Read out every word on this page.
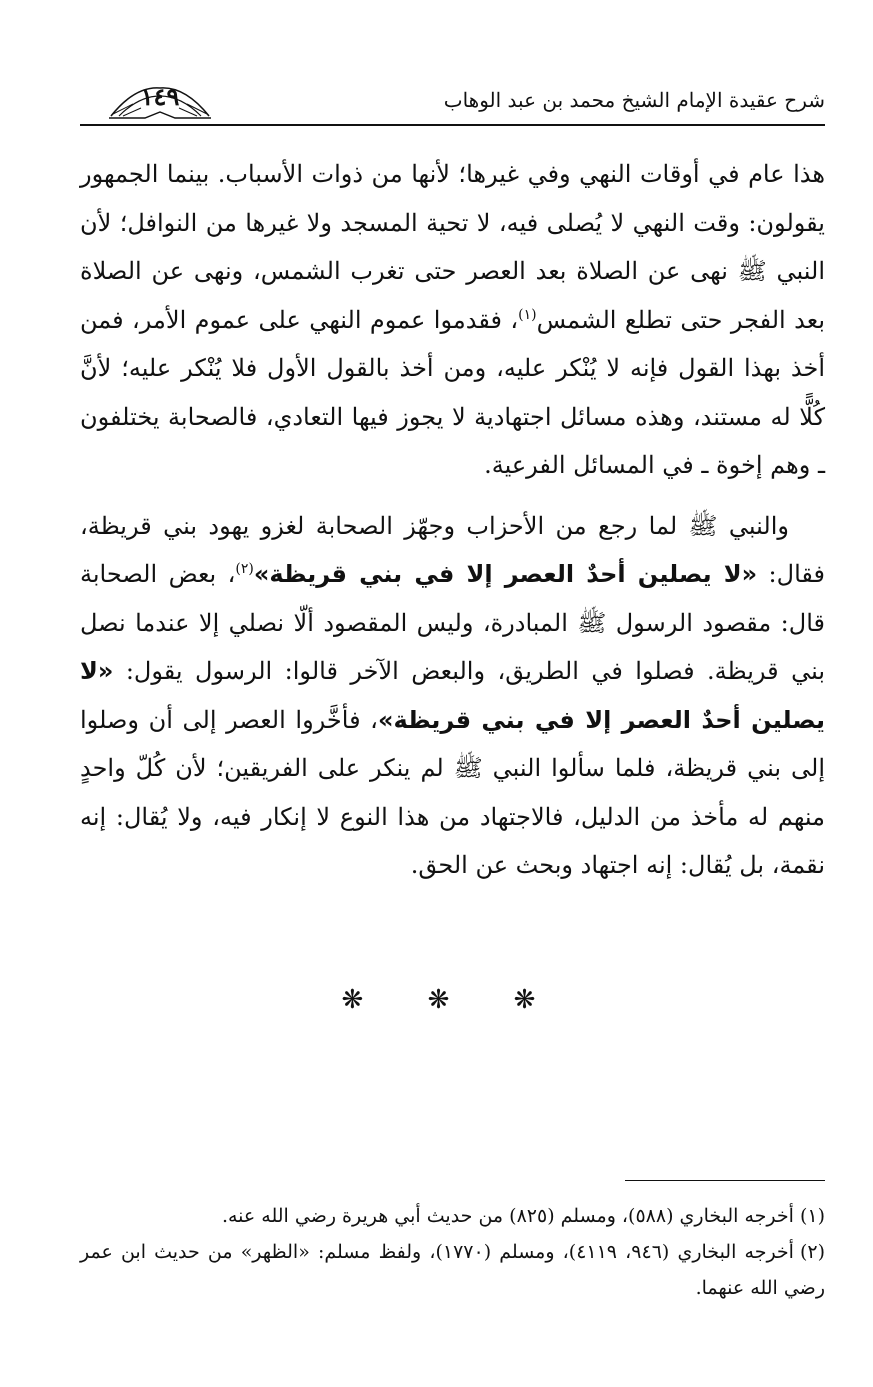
شرح عقيدة الإمام الشيخ محمد بن عبد الوهاب
١٤٩

هذا عام في أوقات النهي وفي غيرها؛ لأنها من ذوات الأسباب. بينما الجمهور يقولون: وقت النهي لا يُصلى فيه، لا تحية المسجد ولا غيرها من النوافل؛ لأن النبي ﷺ نهى عن الصلاة بعد العصر حتى تغرب الشمس، ونهى عن الصلاة بعد الفجر حتى تطلع الشمس$^{(١)}$، فقدموا عموم النهي على عموم الأمر، فمن أخذ بهذا القول فإنه لا يُنْكر عليه، ومن أخذ بالقول الأول فلا يُنْكر عليه؛ لأنَّ كُلًّا له مستند، وهذه مسائل اجتهادية لا يجوز فيها التعادي، فالصحابة يختلفون ـ وهم إخوة ـ في المسائل الفرعية.

والنبي ﷺ لما رجع من الأحزاب وجهّز الصحابة لغزو يهود بني قريظة، فقال: «لا يصلين أحدٌ العصر إلا في بني قريظة»$^{(٢)}$، بعض الصحابة قال: مقصود الرسول ﷺ المبادرة، وليس المقصود ألّا نصلي إلا عندما نصل بني قريظة. فصلوا في الطريق، والبعض الآخر قالوا: الرسول يقول: «لا يصلين أحدٌ العصر إلا في بني قريظة»، فأخَّروا العصر إلى أن وصلوا إلى بني قريظة، فلما سألوا النبي ﷺ لم ينكر على الفريقين؛ لأن كُلّ واحدٍ منهم له مأخذ من الدليل، فالاجتهاد من هذا النوع لا إنكار فيه، ولا يُقال: إنه نقمة، بل يُقال: إنه اجتهاد وبحث عن الحق.

❋ ❋ ❋

(١)أخرجه البخاري (٥٨٨)، ومسلم (٨٢٥) من حديث أبي هريرة رضي الله عنه.

(٢)أخرجه البخاري (٩٤٦، ٤١١٩)، ومسلم (١٧٧٠)، ولفظ مسلم: «الظهر» من حديث ابن عمر رضي الله عنهما.
